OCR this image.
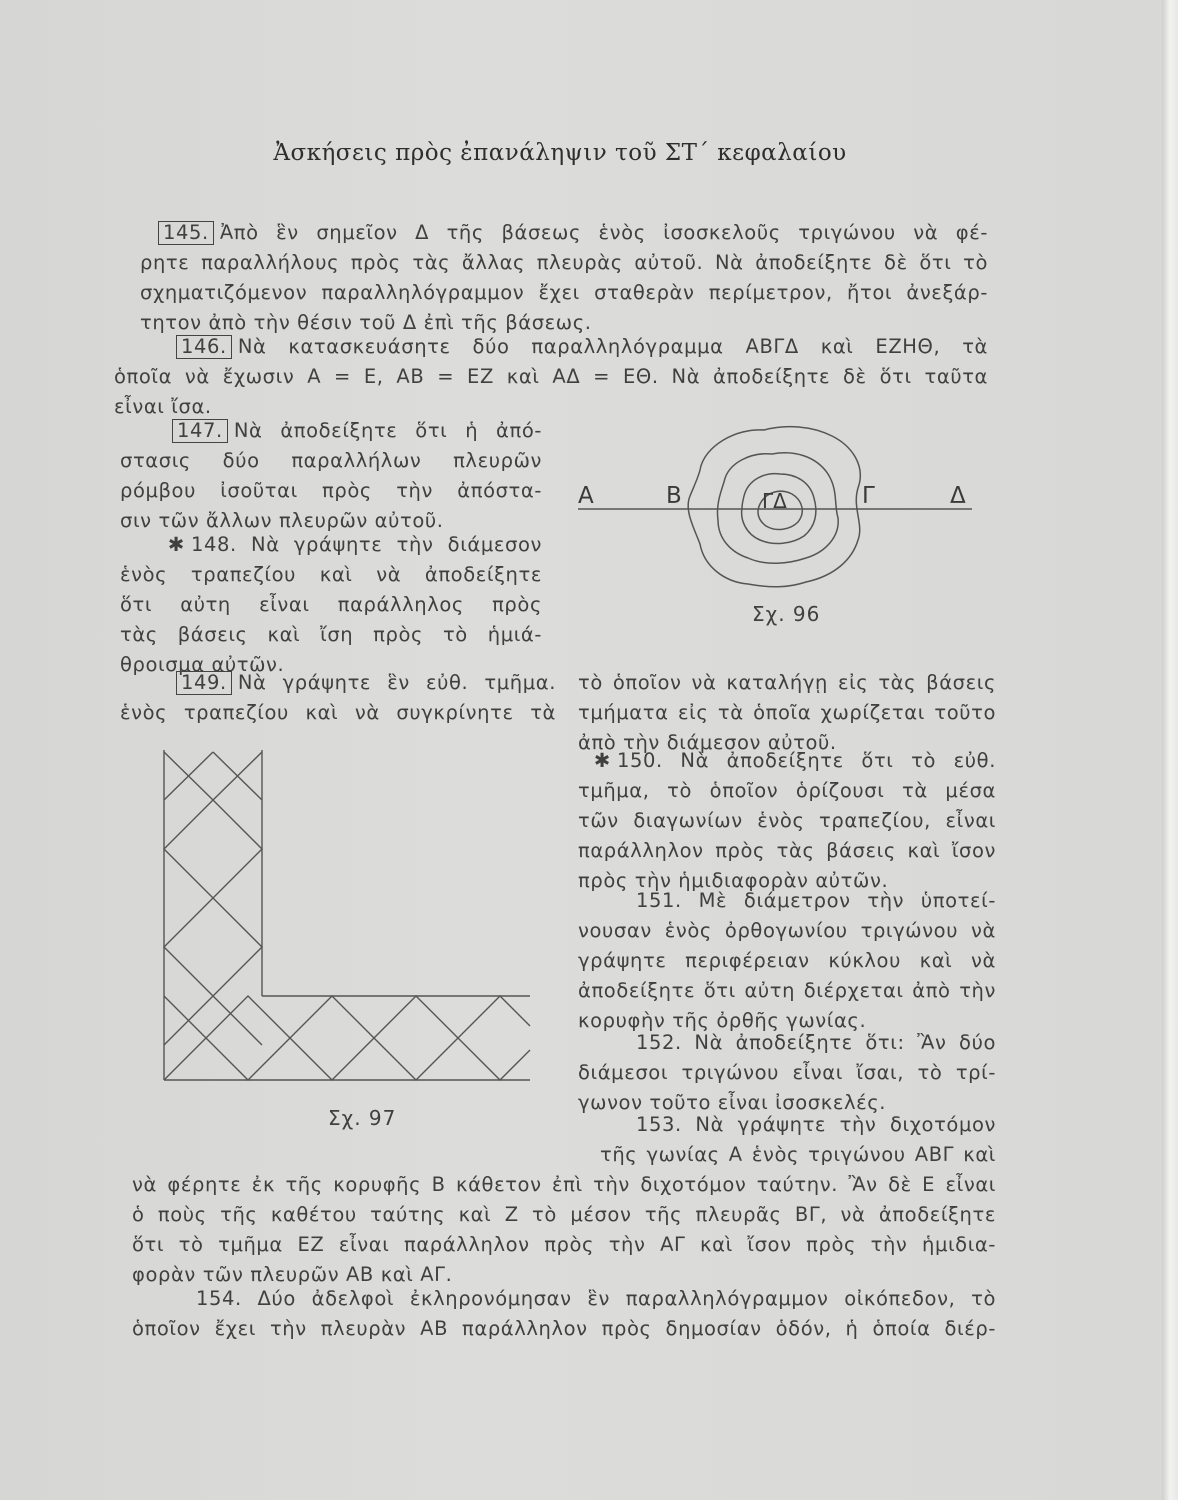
Ἀσκήσεις πρὸς ἐπανάληψιν τοῦ ΣΤ΄ κεφαλαίου
145. Ἀπὸ ἓν σημεῖον Δ τῆς βάσεως ἑνὸς ἰσοσκελοῦς τριγώνου νὰ φέ-
ρητε παραλλήλους πρὸς τὰς ἄλλας πλευρὰς αὐτοῦ. Νὰ ἀποδείξητε δὲ ὅτι τὸ
σχηματιζόμενον παραλληλόγραμμον ἔχει σταθερὰν περίμετρον, ἤτοι ἀνεξάρ-
τητον ἀπὸ τὴν θέσιν τοῦ Δ ἐπὶ τῆς βάσεως.
146. Νὰ κατασκευάσητε δύο παραλληλόγραμμα ΑΒΓΔ καὶ ΕΖΗΘ, τὰ
ὁποῖα νὰ ἔχωσιν Α = Ε, ΑΒ = ΕΖ καὶ ΑΔ = ΕΘ. Νὰ ἀποδείξητε δὲ ὅτι ταῦτα
εἶναι ἴσα.
147. Νὰ ἀποδείξητε ὅτι ἡ ἀπό-
στασις δύο παραλλήλων πλευρῶν
ρόμβου ἰσοῦται πρὸς τὴν ἀπόστα-
σιν τῶν ἄλλων πλευρῶν αὐτοῦ.
✱ 148. Νὰ γράψητε τὴν διάμεσον
ἑνὸς τραπεζίου καὶ νὰ ἀποδείξητε
ὅτι αὐτη εἶναι παράλληλος πρὸς
τὰς βάσεις καὶ ἴση πρὸς τὸ ἡμιά-
θροισμα αὐτῶν.
149. Νὰ γράψητε ἓν εὐθ. τμῆμα.
ἑνὸς τραπεζίου καὶ νὰ συγκρίνητε τὰ
τὸ ὁποῖον νὰ καταλήγῃ εἰς τὰς βάσεις
τμήματα εἰς τὰ ὁποῖα χωρίζεται τοῦτο
ἀπὸ τὴν διάμεσον αὐτοῦ.
✱ 150. Νὰ ἀποδείξητε ὅτι τὸ εὐθ.
τμῆμα, τὸ ὁποῖον ὁρίζουσι τὰ μέσα
τῶν διαγωνίων ἑνὸς τραπεζίου, εἶναι
παράλληλον πρὸς τὰς βάσεις καὶ ἴσον
πρὸς τὴν ἡμιδιαφορὰν αὐτῶν.
151. Μὲ διάμετρον τὴν ὑποτεί-
νουσαν ἑνὸς ὀρθογωνίου τριγώνου νὰ
γράψητε περιφέρειαν κύκλου καὶ νὰ
ἀποδείξητε ὅτι αὐτη διέρχεται ἀπὸ τὴν
κορυφὴν τῆς ὀρθῆς γωνίας.
152. Νὰ ἀποδείξητε ὅτι: Ἂν δύο
διάμεσοι τριγώνου εἶναι ἴσαι, τὸ τρί-
γωνον τοῦτο εἶναι ἰσοσκελές.
153. Νὰ γράψητε τὴν διχοτόμον
τῆς γωνίας Α ἑνὸς τριγώνου ΑΒΓ καὶ
νὰ φέρητε ἐκ τῆς κορυφῆς Β κάθετον ἐπὶ τὴν διχοτόμον ταύτην. Ἂν δὲ Ε εἶναι
ὁ ποὺς τῆς καθέτου ταύτης καὶ Ζ τὸ μέσον τῆς πλευρᾶς ΒΓ, νὰ ἀποδείξητε
ὅτι τὸ τμῆμα ΕΖ εἶναι παράλληλον πρὸς τὴν ΑΓ καὶ ἴσον πρὸς τὴν ἡμιδια-
φορὰν τῶν πλευρῶν ΑΒ καὶ ΑΓ.
154. Δύο ἀδελφοὶ ἐκληρονόμησαν ἓν παραλληλόγραμμον οἰκόπεδον, τὸ
ὁποῖον ἔχει τὴν πλευρὰν ΑΒ παράλληλον πρὸς δημοσίαν ὁδόν, ἡ ὁποία διέρ-
Α	Β	Γ	Δ
ΓΔ
Σχ. 96
Σχ. 97
